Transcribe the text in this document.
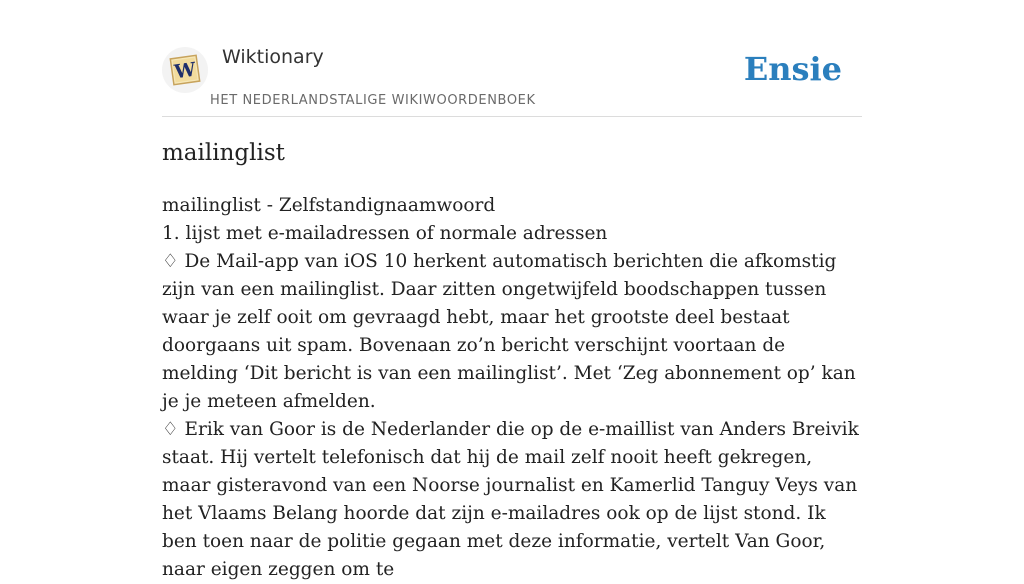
W
Wiktionary
HET NEDERLANDSTALIGE WIKIWOORDENBOEK
Ensie
mailinglist
mailinglist - Zelfstandignaamwoord
1. lijst met e-mailadressen of normale adressen
♢ De Mail-app van iOS 10 herkent automatisch berichten die afkomstig zijn van een mailinglist. Daar zitten ongetwijfeld boodschappen tussen waar je zelf ooit om gevraagd hebt, maar het grootste deel bestaat doorgaans uit spam. Bovenaan zo’n bericht verschijnt voortaan de melding ‘Dit bericht is van een mailinglist’. Met ‘Zeg abonnement op’ kan je je meteen afmelden.
♢ Erik van Goor is de Nederlander die op de e-maillist van Anders Breivik staat. Hij vertelt telefonisch dat hij de mail zelf nooit heeft gekregen, maar gisteravond van een Noorse journalist en Kamerlid Tanguy Veys van het Vlaams Belang hoorde dat zijn e-mailadres ook op de lijst stond. Ik ben toen naar de politie gegaan met deze informatie, vertelt Van Goor, naar eigen zeggen om te
